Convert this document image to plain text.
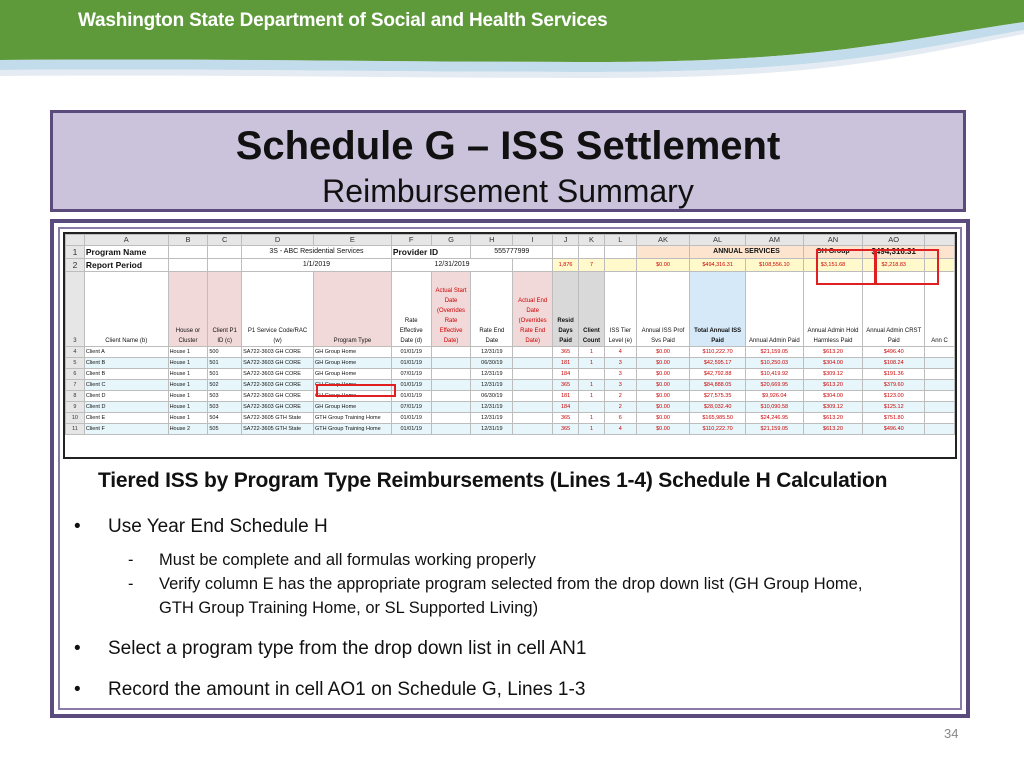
Washington State Department of Social and Health Services
Schedule G – ISS Settlement
Reimbursement Summary
	A	B	C	D	E	F	G	H	I	J	K	L	AK	AL	AM	AN	AO	
1	Program Name			3S - ABC Residential Services		Provider ID		555777999						ANNUAL SERVICES		GH Group	$494,316.31	
2	Report Period			1/1/2019		12/31/2019				1,876	7		$0.00	$494,316.31	$108,556.10	$3,151.68	$2,218.83	
3	Client Name (b)	House or Cluster	Client P1 ID (c)	P1 Service Code/RAC (w)	Program Type	Rate Effective Date (d)	Actual Start Date (Overrides Rate Effective Date)	Rate End Date	Actual End Date (Overrides Rate End Date)	Resid Days Paid	Client Count	ISS Tier Level (e)	Annual ISS Prof Svs Paid	Total Annual ISS Paid	Annual Admin Paid	Annual Admin Hold Harmless Paid	Annual Admin CRST Paid	Ann C
4	Client A	House 1	500	SA722-3603 GH CORE	GH Group Home	01/01/19		12/31/19		365	1	4	$0.00	$110,222.70	$21,159.05	$613.20	$496.40	
5	Client B	House 1	501	SA722-3603 GH CORE	GH Group Home	01/01/19		06/30/19		181	1	3	$0.00	$42,595.17	$10,250.03	$304.00	$108.24	
6	Client B	House 1	501	SA722-3603 GH CORE	GH Group Home	07/01/19		12/31/19		184		3	$0.00	$42,792.88	$10,419.92	$309.12	$191.36	
7	Client C	House 1	502	SA722-3603 GH CORE	GH Group Home	01/01/19		12/31/19		365	1	3	$0.00	$84,888.05	$20,669.95	$613.20	$379.60	
8	Client D	House 1	503	SA722-3603 GH CORE	GH Group Home	01/01/19		06/30/19		181	1	2	$0.00	$27,575.35	$9,926.04	$304.00	$123.00	
9	Client D	House 1	503	SA722-3603 GH CORE	GH Group Home	07/01/19		12/31/19		184		2	$0.00	$28,032.40	$10,090.58	$309.12	$125.12	
10	Client E	House 1	504	SA722-3605 GTH State	GTH Group Training Home	01/01/19		12/31/19		365	1	6	$0.00	$165,985.50	$24,246.95	$613.20	$751.80	
11	Client F	House 2	505	SA722-3605 GTH State	GTH Group Training Home	01/01/19		12/31/19		365	1	4	$0.00	$110,222.70	$21,159.05	$613.20	$496.40	
Tiered ISS by Program Type Reimbursements (Lines 1-4) Schedule H Calculation
• Use Year End Schedule H
- Must be complete and all formulas working properly
- Verify column E has the appropriate program selected from the drop down list (GH Group Home,
GTH Group Training Home, or SL Supported Living)
• Select a program type from the drop down list in cell AN1
• Record the amount in cell AO1 on Schedule G, Lines 1-3
34
